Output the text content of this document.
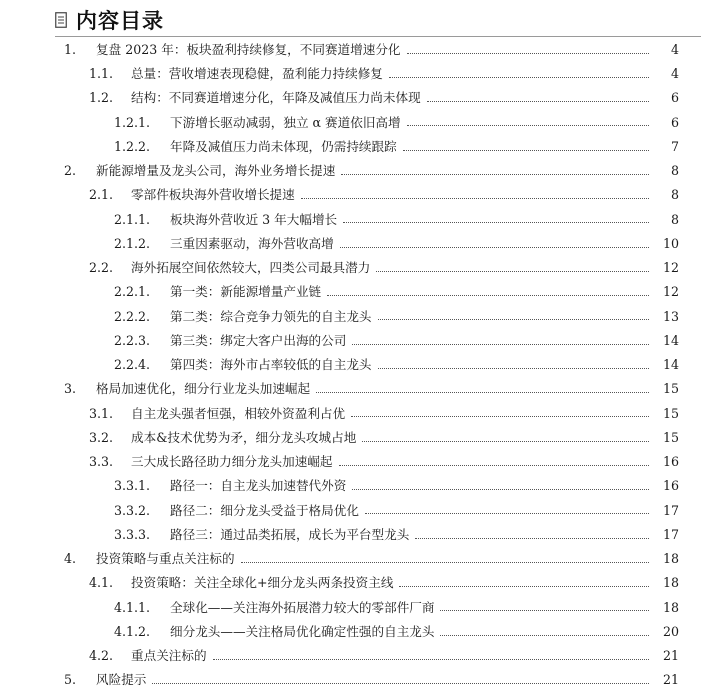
内容目录
1.	复盘 2023 年：板块盈利持续修复，不同赛道增速分化	4
1.1.	总量：营收增速表现稳健，盈利能力持续修复	4
1.2.	结构：不同赛道增速分化，年降及减值压力尚未体现	6
1.2.1.	下游增长驱动减弱，独立 α 赛道依旧高增	6
1.2.2.	年降及减值压力尚未体现，仍需持续跟踪	7
2.	新能源增量及龙头公司，海外业务增长提速	8
2.1.	零部件板块海外营收增长提速	8
2.1.1.	板块海外营收近 3 年大幅增长	8
2.1.2.	三重因素驱动，海外营收高增	10
2.2.	海外拓展空间依然较大，四类公司最具潜力	12
2.2.1.	第一类：新能源增量产业链	12
2.2.2.	第二类：综合竞争力领先的自主龙头	13
2.2.3.	第三类：绑定大客户出海的公司	14
2.2.4.	第四类：海外市占率较低的自主龙头	14
3.	格局加速优化，细分行业龙头加速崛起	15
3.1.	自主龙头强者恒强，相较外资盈利占优	15
3.2.	成本&技术优势为矛，细分龙头攻城占地	15
3.3.	三大成长路径助力细分龙头加速崛起	16
3.3.1.	路径一：自主龙头加速替代外资	16
3.3.2.	路径二：细分龙头受益于格局优化	17
3.3.3.	路径三：通过品类拓展，成长为平台型龙头	17
4.	投资策略与重点关注标的	18
4.1.	投资策略：关注全球化+细分龙头两条投资主线	18
4.1.1.	全球化——关注海外拓展潜力较大的零部件厂商	18
4.1.2.	细分龙头——关注格局优化确定性强的自主龙头	20
4.2.	重点关注标的	21
5.	风险提示	21
